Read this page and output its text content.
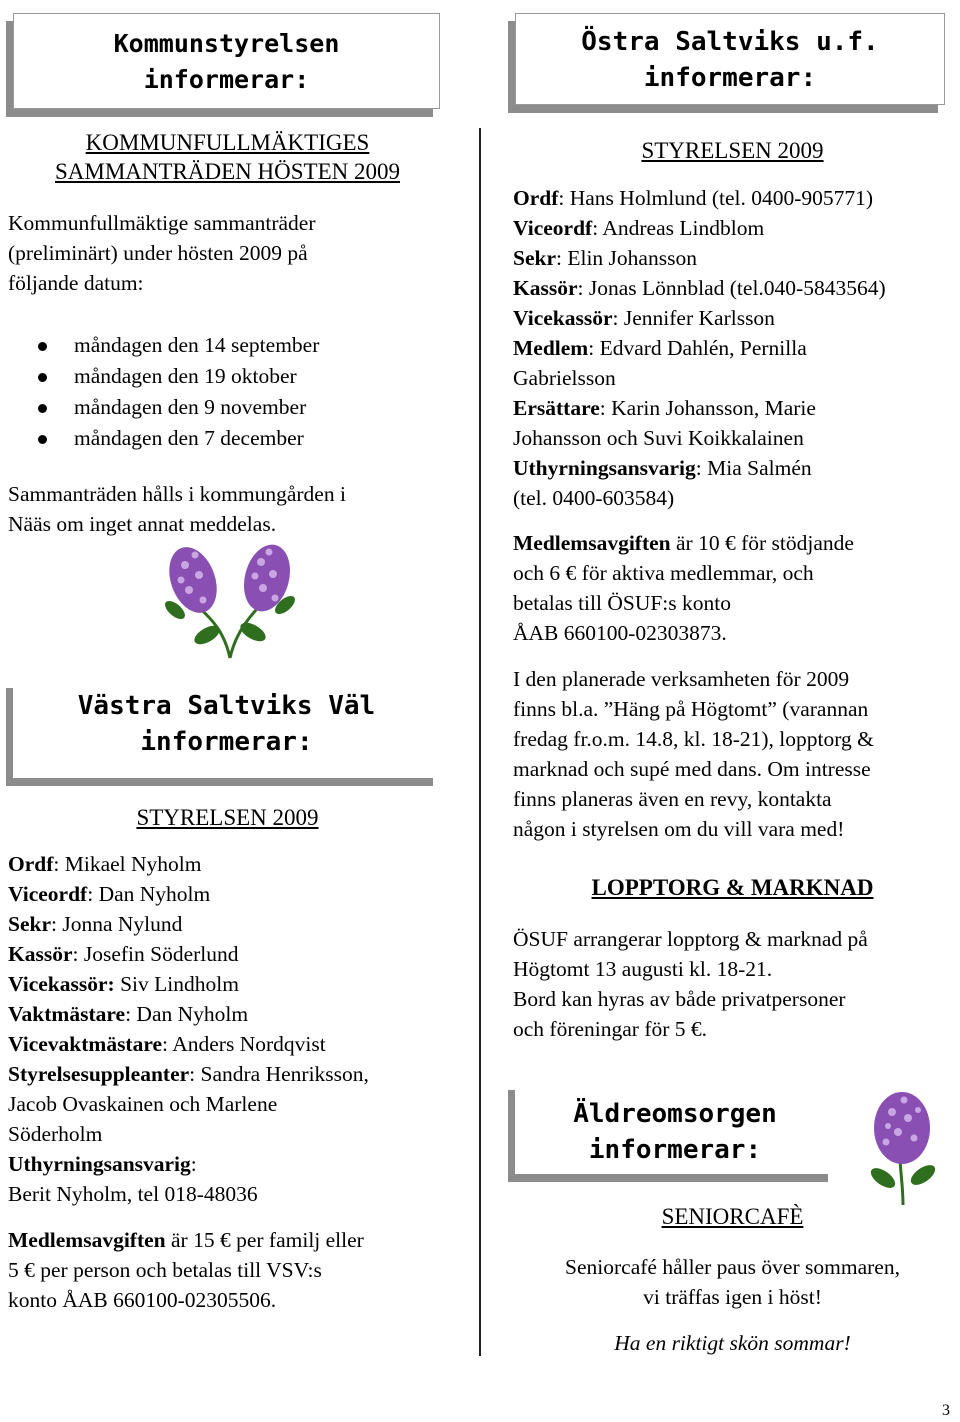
Kommunstyrelsen
informerar:

KOMMUNFULLMÄKTIGES

SAMMANTRÄDEN HÖSTEN 2009

Kommunfullmäktige sammanträder

(preliminärt) under hösten 2009 på

följande datum:

måndagen den 14 september
måndagen den 19 oktober
måndagen den 9 november
måndagen den 7 december

Sammanträden hålls i kommungården i

Nääs om inget annat meddelas.

Västra Saltviks Väl
informerar:
STYRELSEN 2009

Ordf: Mikael Nyholm

Viceordf: Dan Nyholm

Sekr: Jonna Nylund

Kassör: Josefin Söderlund

Vicekassör: Siv Lindholm

Vaktmästare: Dan Nyholm

Vicevaktmästare: Anders Nordqvist

Styrelsesuppleanter: Sandra Henriksson,

Jacob Ovaskainen och Marlene

Söderholm

Uthyrningsansvarig:

Berit Nyholm, tel 018-48036

Medlemsavgiften är 15 € per familj eller

5 € per person och betalas till VSV:s

konto ÅAB 660100-02305506.

Östra Saltviks u.f.
informerar:
STYRELSEN 2009

Ordf: Hans Holmlund (tel. 0400-905771)

Viceordf: Andreas Lindblom

Sekr: Elin Johansson

Kassör: Jonas Lönnblad (tel.040-5843564)

Vicekassör: Jennifer Karlsson

Medlem: Edvard Dahlén, Pernilla

Gabrielsson

Ersättare: Karin Johansson, Marie

Johansson och Suvi Koikkalainen

Uthyrningsansvarig: Mia Salmén

(tel. 0400-603584)

Medlemsavgiften är 10 € för stödjande

och 6 € för aktiva medlemmar, och

betalas till ÖSUF:s konto

ÅAB 660100-02303873.

I den planerade verksamheten för 2009

finns bl.a. ”Häng på Högtomt” (varannan

fredag fr.o.m. 14.8, kl. 18-21), lopptorg &

marknad och supé med dans. Om intresse

finns planeras även en revy, kontakta

någon i styrelsen om du vill vara med!

LOPPTORG & MARKNAD

ÖSUF arrangerar lopptorg & marknad på

Högtomt 13 augusti kl. 18-21.

Bord kan hyras av både privatpersoner

och föreningar för 5 €.

Äldreomsorgen
informerar:
SENIORCAFÈ

Seniorcafé håller paus över sommaren,

vi träffas igen i höst!

Ha en riktigt skön sommar!
3
